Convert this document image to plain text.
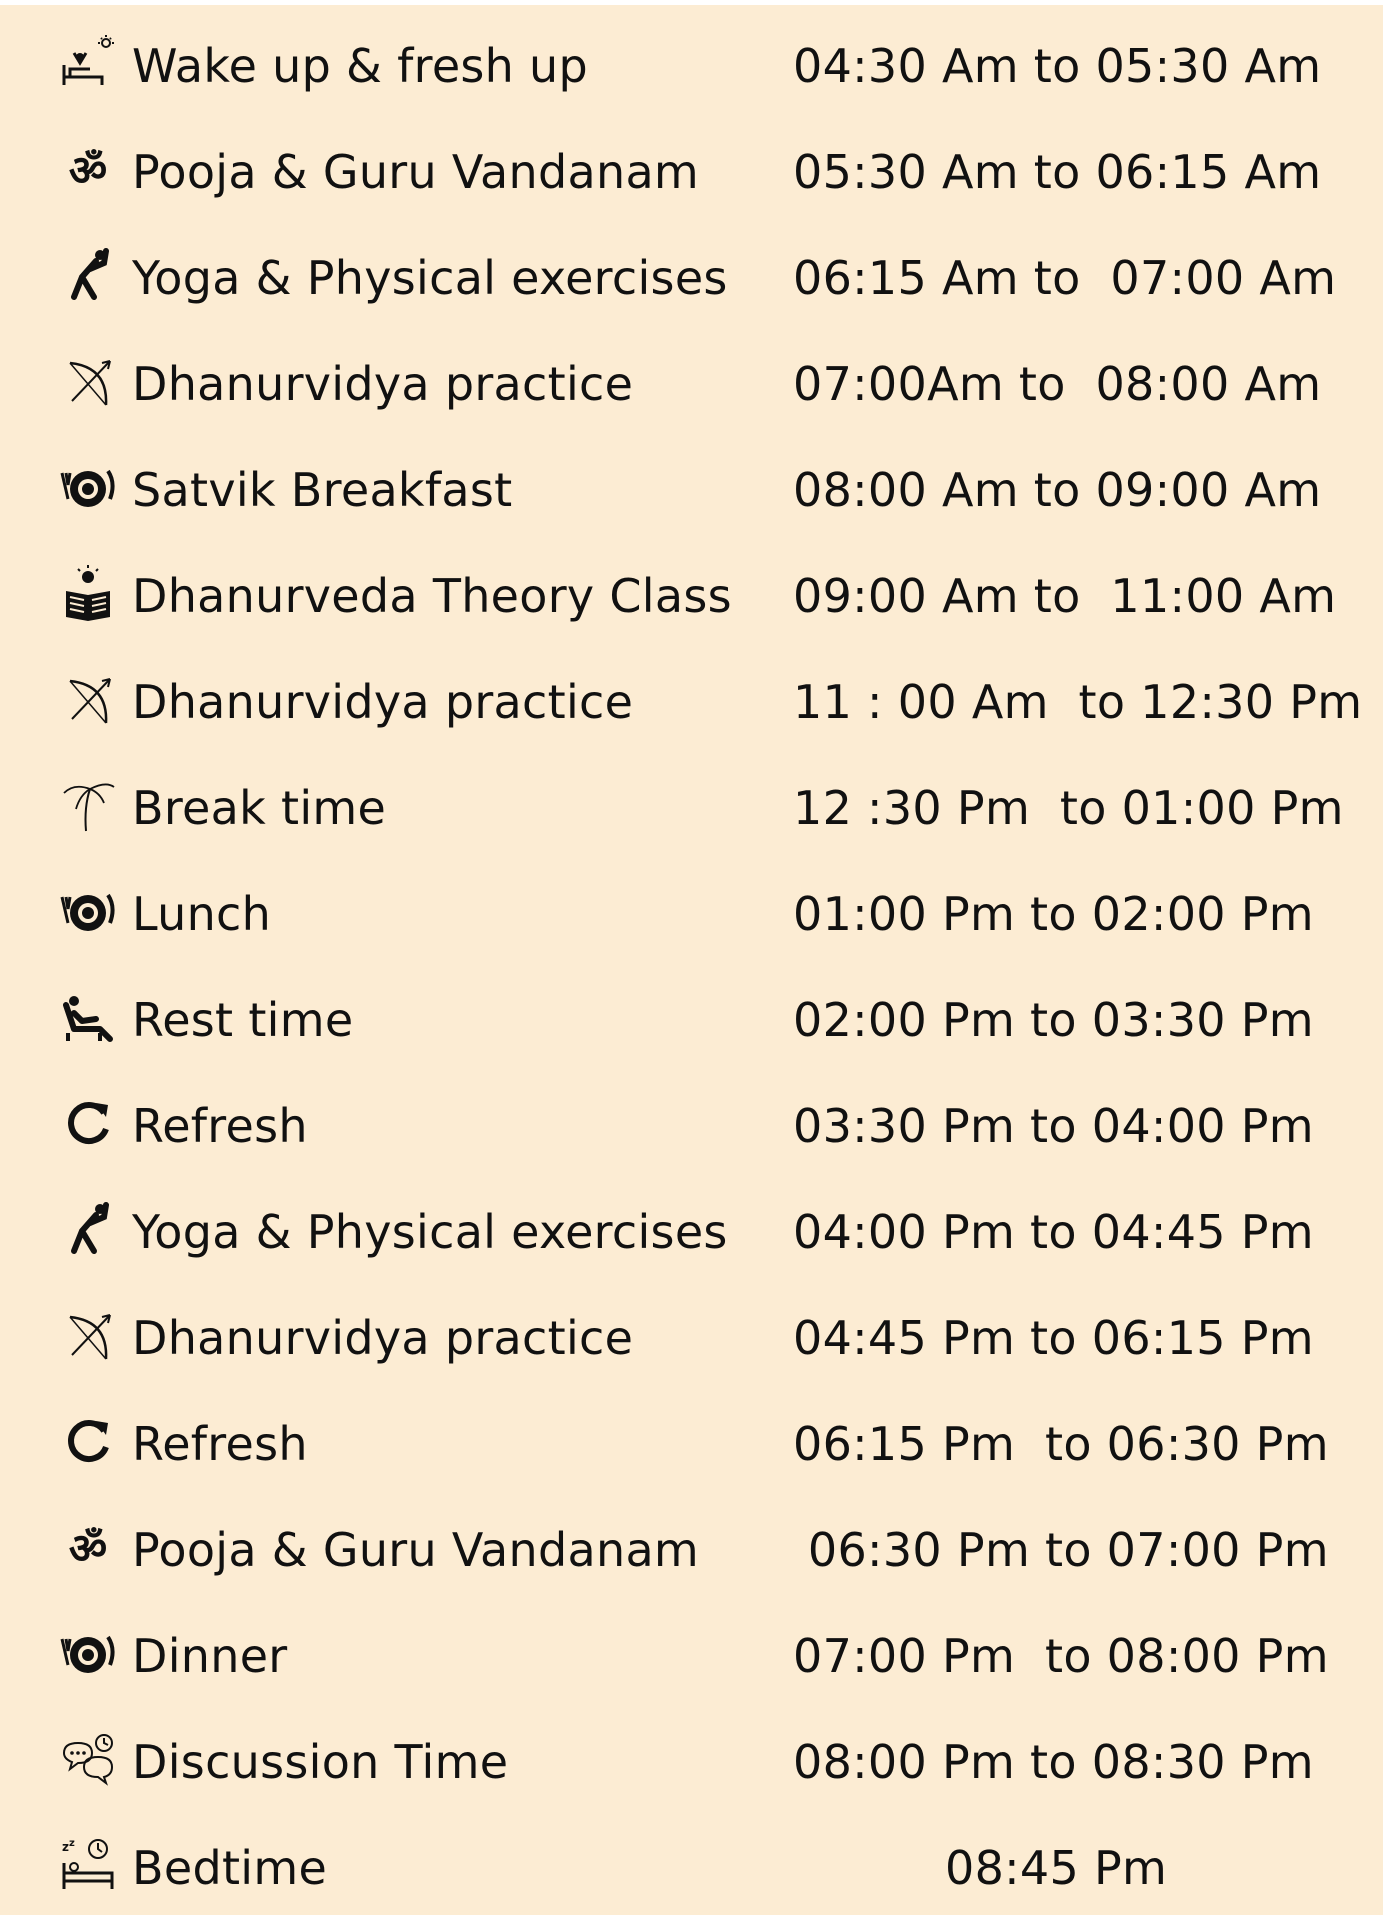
Wake up & fresh up	04:30 Am to 05:30 Am
ॐ Pooja & Guru Vandanam 05:30 Am to 06:15 Am
Yoga & Physical exercises 06:15 Am to  07:00 Am
Dhanurvidya practice	07:00Am to  08:00 Am
Satvik Breakfast	08:00 Am to 09:00 Am
Dhanurveda Theory Class 09:00 Am to  11:00 Am
Dhanurvidya practice	11 : 00 Am  to 12:30 Pm
Break time	12 :30 Pm  to 01:00 Pm
Lunch	01:00 Pm to 02:00 Pm
Rest time	02:00 Pm to 03:30 Pm
Refresh	03:30 Pm to 04:00 Pm
Yoga & Physical exercises 04:00 Pm to 04:45 Pm
Dhanurvidya practice	04:45 Pm to 06:15 Pm
Refresh	06:15 Pm  to 06:30 Pm
ॐ Pooja & Guru Vandanam 06:30 Pm to 07:00 Pm
Dinner	07:00 Pm  to 08:00 Pm
Discussion Time	08:00 Pm to 08:30 Pm
z z Bedtime	08:45 Pm
